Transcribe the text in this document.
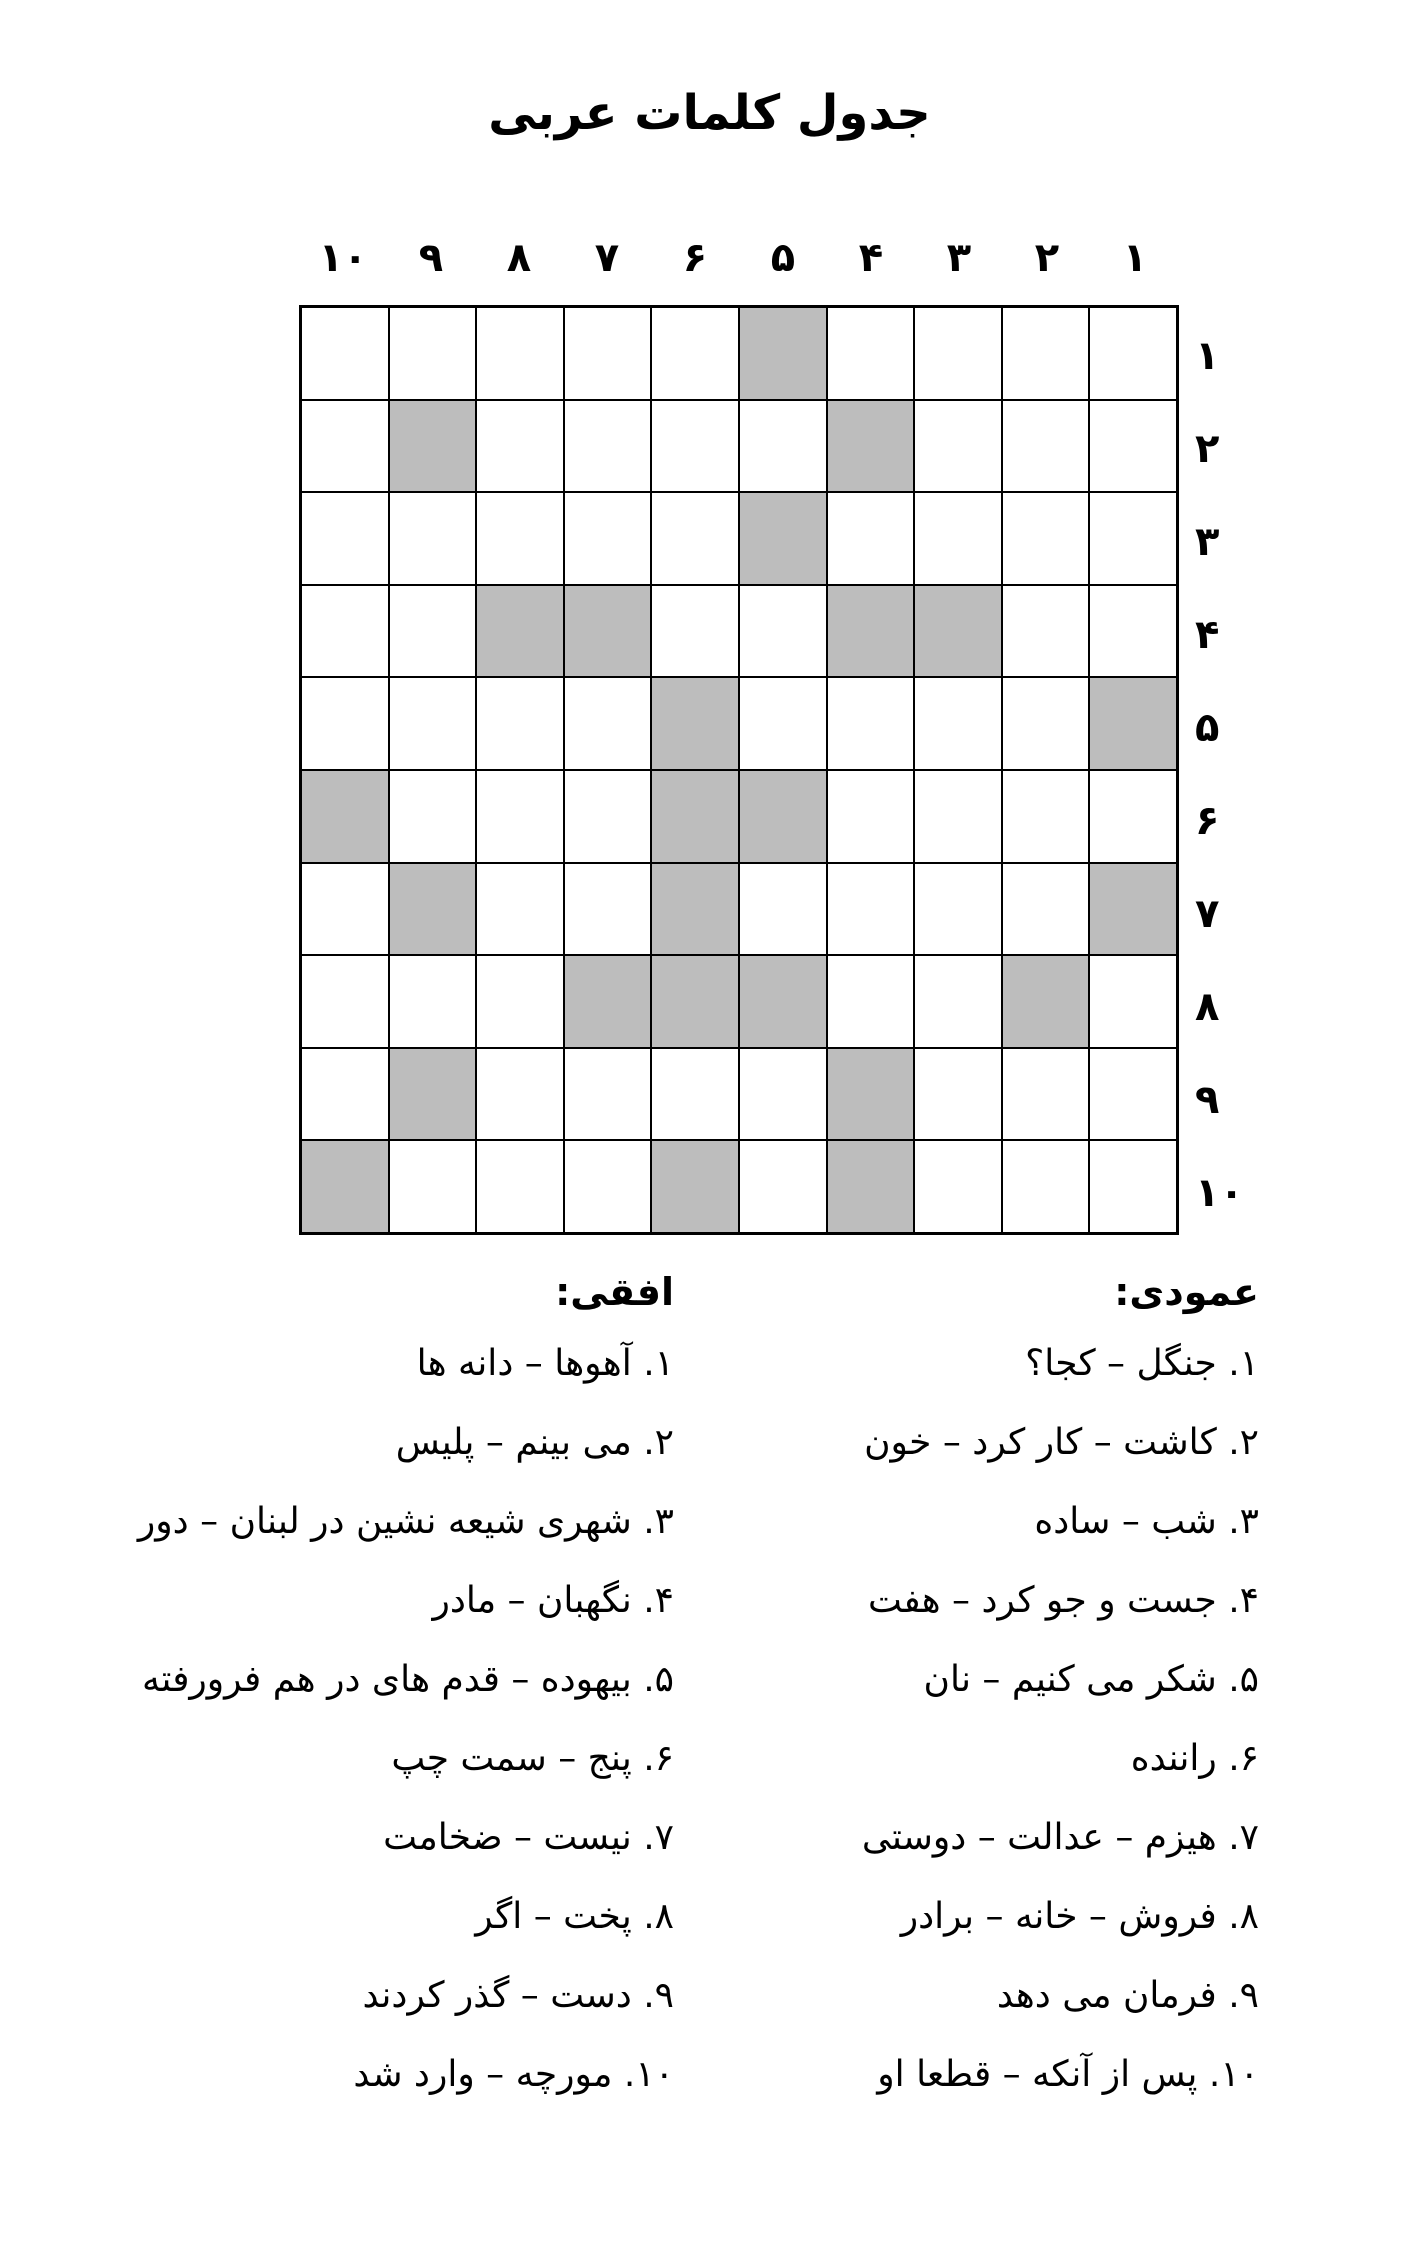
جدول کلمات عربی
۱
۲
۳
۴
۵
۶
۷
۸
۹
۱۰
۱
۲
۳
۴
۵
۶
۷
۸
۹
۱۰
عمودی:
۱. جنگل – کجا؟
۲. کاشت – کار کرد – خون
۳. شب – ساده
۴. جست و جو کرد – هفت
۵. شکر می کنیم – نان
۶. راننده
۷. هیزم – عدالت – دوستی
۸. فروش – خانه – برادر
۹. فرمان می دهد
۱۰. پس از آنکه – قطعا او
افقی:
۱. آهوها – دانه ها
۲. می بینم – پلیس
۳. شهری شیعه نشین در لبنان – دور
۴. نگهبان – مادر
۵. بیهوده – قدم های در هم فرورفته
۶. پنج – سمت چپ
۷. نیست – ضخامت
۸. پخت – اگر
۹. دست – گذر کردند
۱۰. مورچه – وارد شد
